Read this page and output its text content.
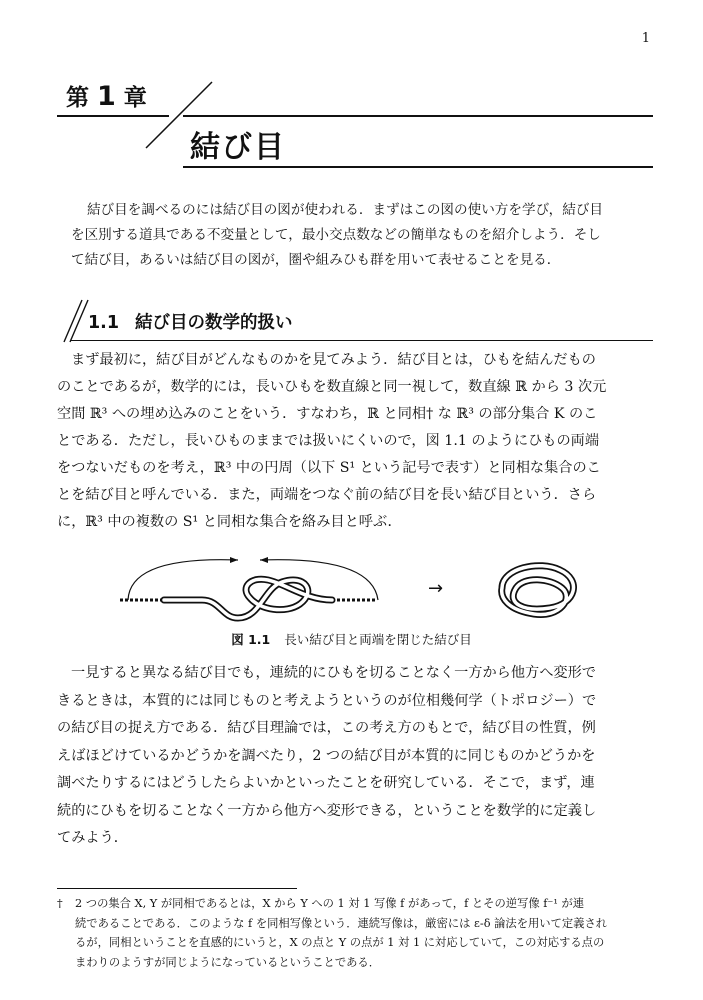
1
第 1 章
結び目
結び目を調べるのには結び目の図が使われる．まずはこの図の使い方を学び，結び目
を区別する道具である不変量として，最小交点数などの簡単なものを紹介しよう．そし
て結び目，あるいは結び目の図が，圏や組みひも群を用いて表せることを見る．
1.1 結び目の数学的扱い
まず最初に，結び目がどんなものかを見てみよう．結び目とは，ひもを結んだもの
のことであるが，数学的には，長いひもを数直線と同一視して，数直線 ℝ から 3 次元
空間 ℝ³ への埋め込みのことをいう．すなわち，ℝ と同相† な ℝ³ の部分集合 K のこ
とである．ただし，長いひものままでは扱いにくいので，図 1.1 のようにひもの両端
をつないだものを考え，ℝ³ 中の円周（以下 S¹ という記号で表す）と同相な集合のこ
とを結び目と呼んでいる．また，両端をつなぐ前の結び目を長い結び目という．さら
に，ℝ³ 中の複数の S¹ と同相な集合を絡み目と呼ぶ．
→
図 1.1 長い結び目と両端を閉じた結び目
一見すると異なる結び目でも，連続的にひもを切ることなく一方から他方へ変形で
きるときは，本質的には同じものと考えようというのが位相幾何学（トポロジー）で
の結び目の捉え方である．結び目理論では，この考え方のもとで，結び目の性質，例
えばほどけているかどうかを調べたり，2 つの結び目が本質的に同じものかどうかを
調べたりするにはどうしたらよいかといったことを研究している．そこで，まず，連
続的にひもを切ることなく一方から他方へ変形できる，ということを数学的に定義し
てみよう．
† 2 つの集合 X, Y が同相であるとは，X から Y への 1 対 1 写像 f があって，f とその逆写像 f⁻¹ が連
続であることである．このような f を同相写像という．連続写像は，厳密には ε-δ 論法を用いて定義され
るが，同相ということを直感的にいうと，X の点と Y の点が 1 対 1 に対応していて，この対応する点の
まわりのようすが同じようになっているということである．
